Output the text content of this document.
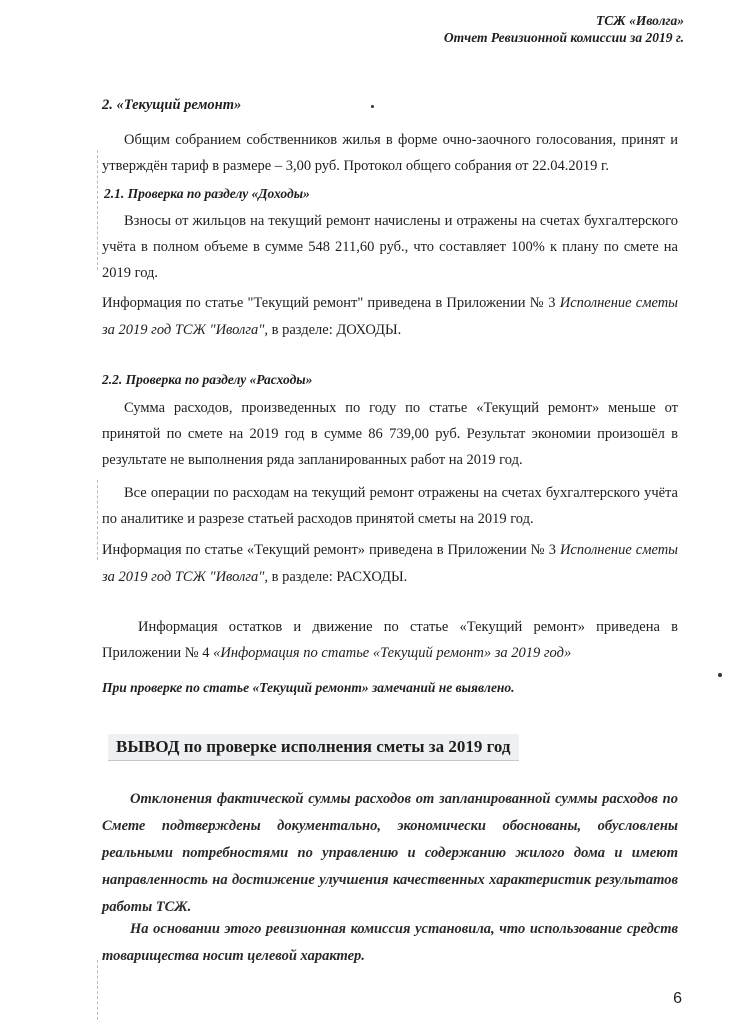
ТСЖ «Иволга»
Отчет Ревизионной комиссии за 2019 г.
2. «Текущий ремонт»
Общим собранием собственников жилья в форме очно-заочного голосования, принят и утверждён тариф в размере – 3,00 руб. Протокол общего собрания от 22.04.2019 г.
2.1. Проверка по разделу «Доходы»
Взносы от жильцов на текущий ремонт начислены и отражены на счетах бухгалтерского учёта в полном объеме в сумме 548 211,60 руб., что составляет 100% к плану по смете на 2019 год.
Информация по статье "Текущий ремонт" приведена в Приложении № 3 Исполнение сметы за 2019 год ТСЖ "Иволга", в разделе: ДОХОДЫ.
2.2. Проверка по разделу «Расходы»
Сумма расходов, произведенных по году по статье «Текущий ремонт» меньше от принятой по смете на 2019 год в сумме 86 739,00 руб. Результат экономии произошёл в результате не выполнения ряда запланированных работ на 2019 год.
Все операции по расходам на текущий ремонт отражены на счетах бухгалтерского учёта по аналитике и разрезе статьей расходов принятой сметы на 2019 год.
Информация по статье «Текущий ремонт» приведена в Приложении № 3 Исполнение сметы за 2019 год ТСЖ "Иволга", в разделе: РАСХОДЫ.
Информация остатков и движение по статье «Текущий ремонт» приведена в Приложении № 4 «Информация по статье «Текущий ремонт» за 2019 год»
При проверке по статье «Текущий ремонт» замечаний не выявлено.
ВЫВОД по проверке исполнения сметы за 2019 год
Отклонения фактической суммы расходов от запланированной суммы расходов по Смете подтверждены документально, экономически обоснованы, обусловлены реальными потребностями по управлению и содержанию жилого дома и имеют направленность на достижение улучшения качественных характеристик результатов работы ТСЖ.
На основании этого ревизионная комиссия установила, что использование средств товарищества носит целевой характер.
6
